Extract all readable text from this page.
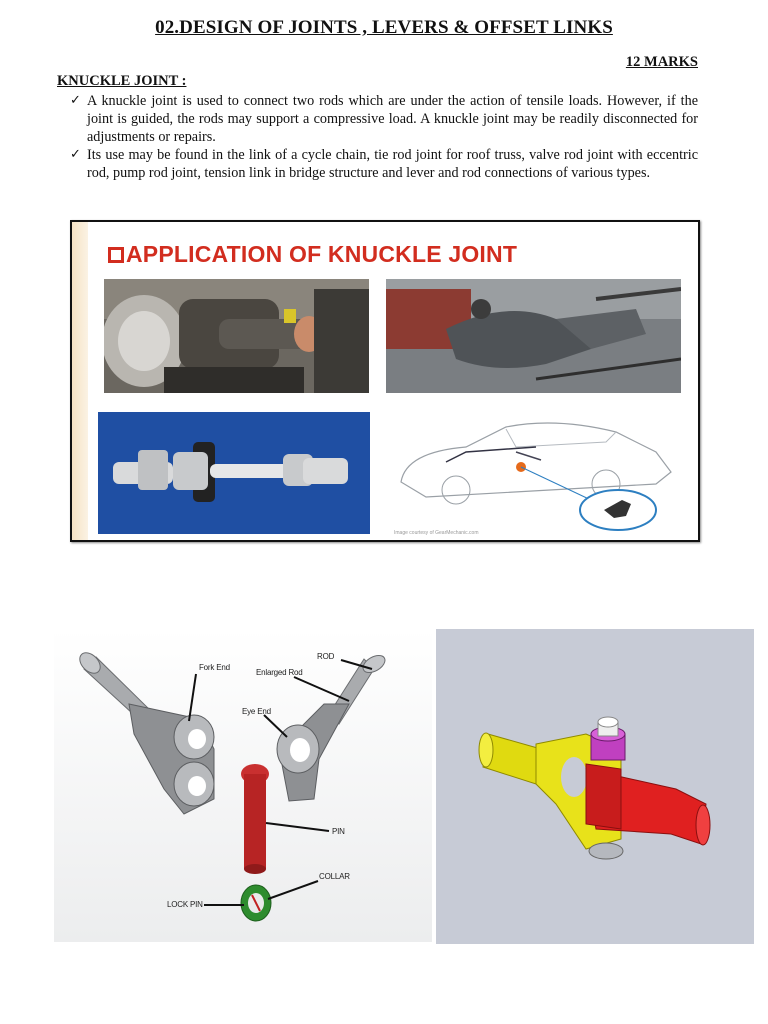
02.DESIGN OF JOINTS , LEVERS & OFFSET LINKS
12 MARKS
KNUCKLE JOINT :
✓ A knuckle joint is used to connect two rods which are under the action of tensile loads. However, if the joint is guided, the rods may support a compressive load. A knuckle joint may be readily disconnected for adjustments or repairs.
✓ Its use may be found in the link of a cycle chain, tie rod joint for roof truss, valve rod joint with eccentric rod, pump rod joint, tension link in bridge structure and lever and rod connections of various types.
APPLICATION OF KNUCKLE JOINT
Image courtesy of GearMechanic.com
ROD
Fork End
Enlarged Rod
Eye End
PIN
COLLAR
LOCK PIN
